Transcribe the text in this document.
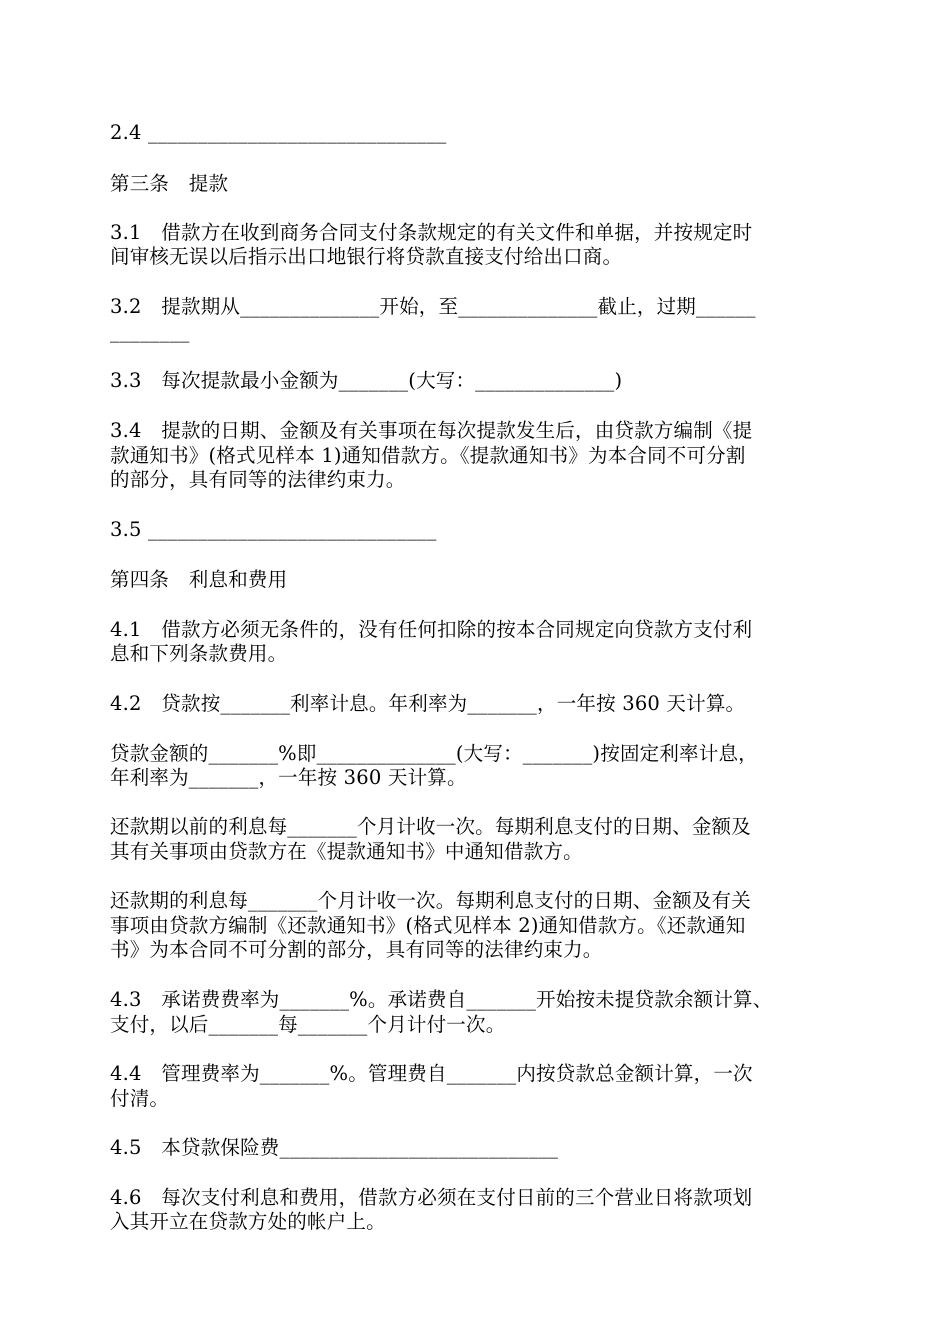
2.4 ______________________________
第三条　提款
3.1　借款方在收到商务合同支付条款规定的有关文件和单据，并按规定时
间审核无误以后指示出口地银行将贷款直接支付给出口商。
3.2　提款期从______________开始，至______________截止，过期______
________
3.3　每次提款最小金额为_______(大写：______________)
3.4　提款的日期、金额及有关事项在每次提款发生后，由贷款方编制《提
款通知书》(格式见样本 1)通知借款方。《提款通知书》为本合同不可分割
的部分，具有同等的法律约束力。
3.5 _____________________________
第四条　利息和费用
4.1　借款方必须无条件的，没有任何扣除的按本合同规定向贷款方支付利
息和下列条款费用。
4.2　贷款按_______利率计息。年利率为_______，一年按 360 天计算。
贷款金额的_______%即______________(大写：_______)按固定利率计息，
年利率为_______，一年按 360 天计算。
还款期以前的利息每_______个月计收一次。每期利息支付的日期、金额及
其有关事项由贷款方在《提款通知书》中通知借款方。
还款期的利息每_______个月计收一次。每期利息支付的日期、金额及有关
事项由贷款方编制《还款通知书》(格式见样本 2)通知借款方。《还款通知
书》为本合同不可分割的部分，具有同等的法律约束力。
4.3　承诺费费率为_______%。承诺费自_______开始按未提贷款余额计算、
支付，以后_______每_______个月计付一次。
4.4　管理费率为_______%。管理费自_______内按贷款总金额计算，一次
付清。
4.5　本贷款保险费____________________________
4.6　每次支付利息和费用，借款方必须在支付日前的三个营业日将款项划
入其开立在贷款方处的帐户上。
